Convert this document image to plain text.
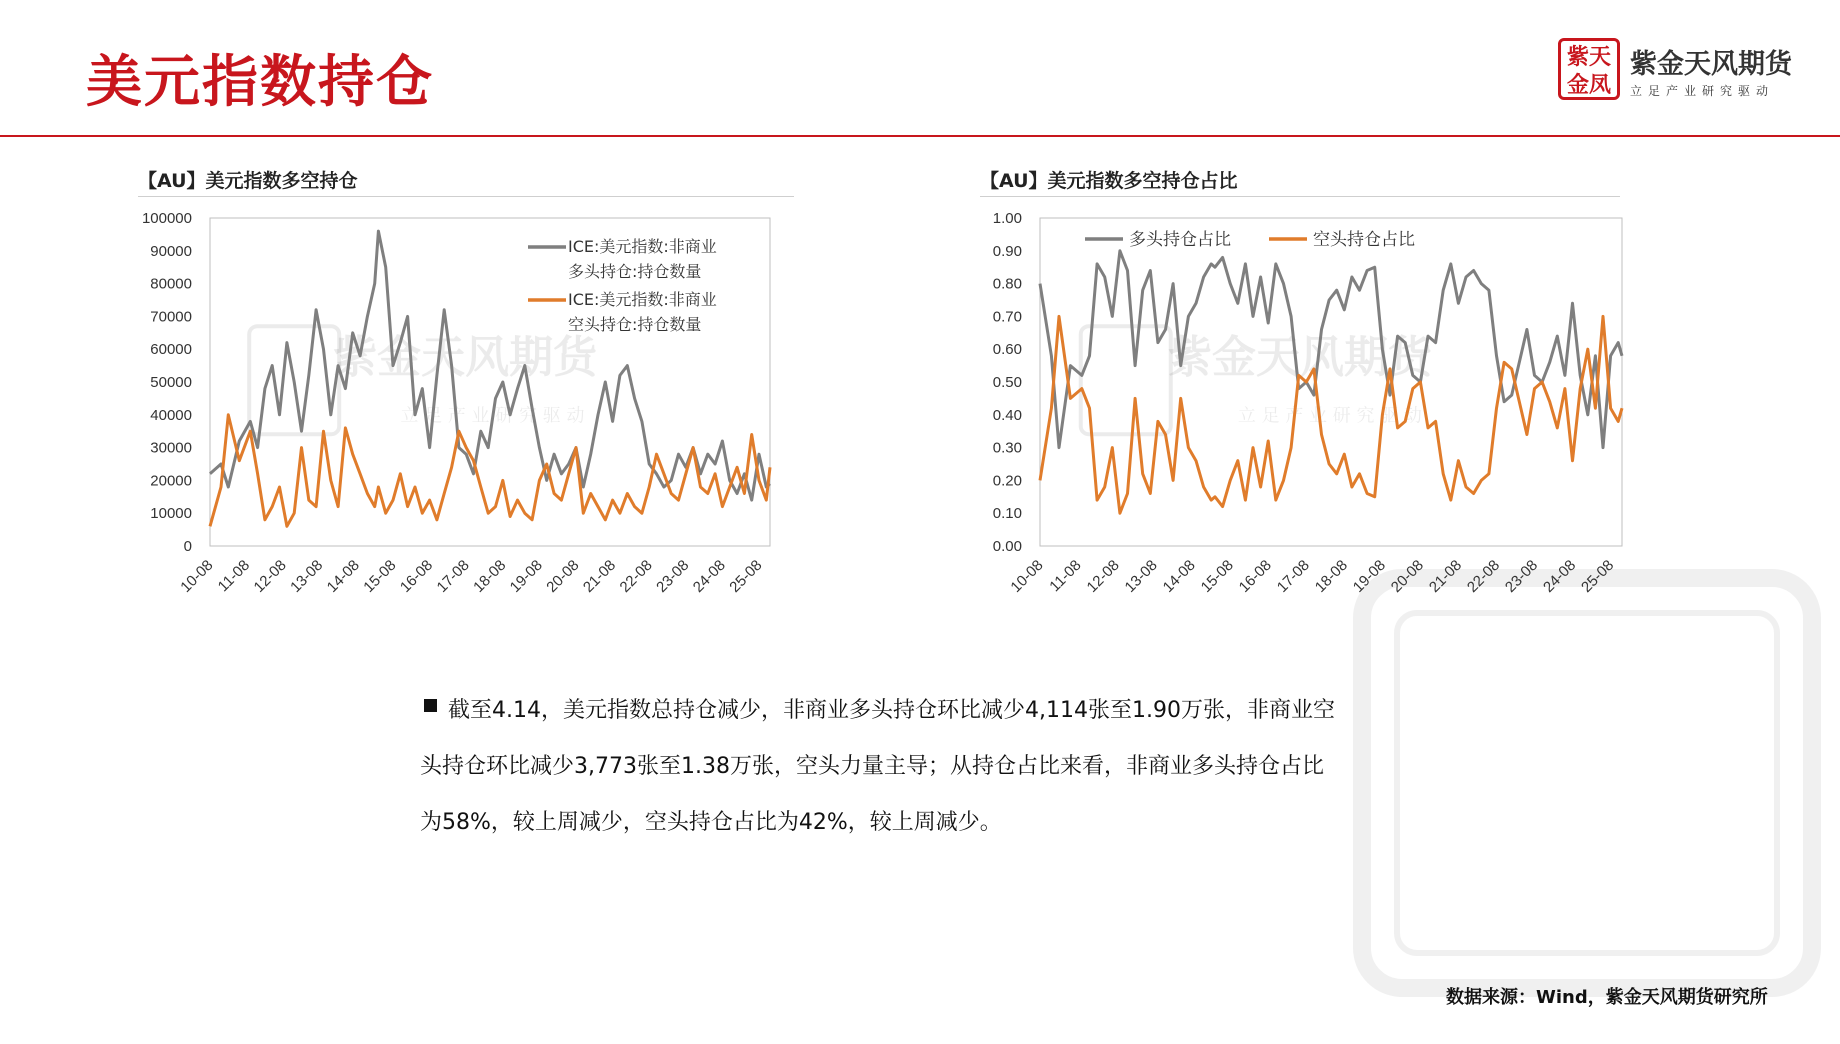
美元指数持仓	紫天
金凤
紫金天风期货
立足产业研究驱动
【AU】美元指数多空持仓	【AU】美元指数多空持仓占比
紫金天风期货
立 足 产 业 研 究 驱 动
100000
90000
80000
70000
60000
50000
40000
30000
20000
10000
0
10-08
11-08
12-08
13-08
14-08
15-08
16-08
17-08
18-08
19-08
20-08
21-08
22-08
23-08
24-08
25-08
ICE:美元指数:非商业
多头持仓:持仓数量
ICE:美元指数:非商业
空头持仓:持仓数量
紫金天风期货
立 足 产 业 研 究 驱 动
1.00
0.90
0.80
0.70
0.60
0.50
0.40
0.30
0.20
0.10
0.00
10-08 11-08
12-08
13-08
14-08
15-08
16-08
17-08
18-08
19-08
20-08
21-08
22-08
23-08
24-08
25-08
多头持仓占比	空头持仓占比
截至4.14，美元指数总持仓减少，非商业多头持仓环比减少4,114张至1.90万张，非商业空头持仓环比减少3,773张至1.38万张，空头力量主导；从持仓占比来看，非商业多头持仓占比为58%，较上周减少，空头持仓占比为42%，较上周减少。
数据来源：Wind，紫金天风期货研究所
